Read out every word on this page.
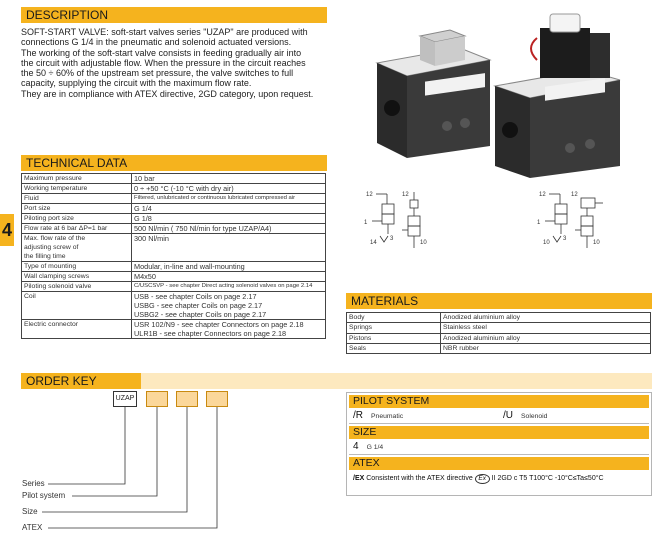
DESCRIPTION
SOFT-START VALVE: soft-start valves series "UZAP" are produced with
connections G 1/4 in the pneumatic and solenoid actuated versions.
The working of the soft-start valve consists in feeding gradually air into
the circuit with adjustable flow. When the pressure in the circuit reaches
the 50 ÷ 60% of the upstream set pressure, the valve switches to full
capacity, supplying the circuit with the maximum flow rate.
They are in compliance with ATEX directive, 2GD category, upon request.
12	12
1
3
10
14
12	12
1
3
10
10
4
TECHNICAL DATA
Maximum pressure	10 bar

Working temperature	0 ÷ +50 °C (-10 °C with dry air)

Fluid	Filtered, unlubricated or continuous lubricated compressed air

Port size	G 1/4

Piloting port size	G 1/8

Flow rate at 6 bar ΔP=1 bar	500 Nl/min ( 750 Nl/min for type UZAP/A4)

Max. flow rate of the
adjusting screw of
the filling time	300 Nl/min

Type of mounting	Modular, in-line and wall-mounting

Wall clamping screws	M4x50

Piloting solenoid valve	C/USCSVP - see chapter Direct acting solenoid valves on page 2.14

Coil	USB - see chapter Coils on page 2.17
USBG - see chapter Coils on page 2.17
USBG2 - see chapter Coils on page 2.17

Electric connector	USR 102/N9 - see chapter Connectors on page 2.18
ULR1B - see chapter Connectors on page 2.18
MATERIALS
Body	Anodized aluminium alloy
Springs	Stainless steel
Pistons	Anodized aluminium alloy
Seals	NBR rubber
ORDER KEY
UZAP
Series
Pilot system
Size
ATEX
PILOT SYSTEM
/R Pneumatic	/U Solenoid
SIZE
4 G 1/4
ATEX
/EX Consistent with the ATEX directive Ex II 2GD c T5 T100°C -10°C≤Ta≤50°C
